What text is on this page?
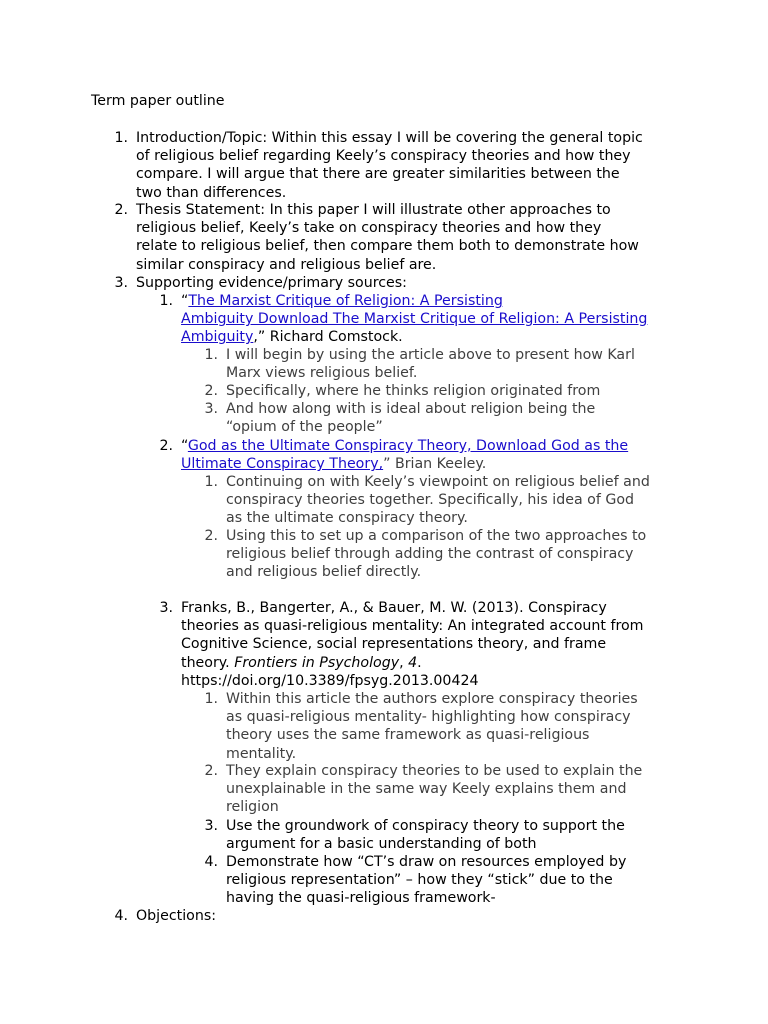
Term paper outline
1. Introduction/Topic: Within this essay I will be covering the general topic
of religious belief regarding Keely’s conspiracy theories and how they
compare. I will argue that there are greater similarities between the
two than differences.
2. Thesis Statement: In this paper I will illustrate other approaches to
religious belief, Keely’s take on conspiracy theories and how they
relate to religious belief, then compare them both to demonstrate how
similar conspiracy and religious belief are.
3. Supporting evidence/primary sources:
1. “The Marxist Critique of Religion: A Persisting
Ambiguity Download The Marxist Critique of Religion: A Persisting
Ambiguity,” Richard Comstock.
1. I will begin by using the article above to present how Karl
Marx views religious belief.
2. Specifically, where he thinks religion originated from
3. And how along with is ideal about religion being the
“opium of the people”
2. “God as the Ultimate Conspiracy Theory, Download God as the
Ultimate Conspiracy Theory,” Brian Keeley.
1. Continuing on with Keely’s viewpoint on religious belief and
conspiracy theories together. Specifically, his idea of God
as the ultimate conspiracy theory.
2. Using this to set up a comparison of the two approaches to
religious belief through adding the contrast of conspiracy
and religious belief directly.
3. Franks, B., Bangerter, A., & Bauer, M. W. (2013). Conspiracy
theories as quasi-religious mentality: An integrated account from
Cognitive Science, social representations theory, and frame
theory. Frontiers in Psychology, 4.
https://doi.org/10.3389/fpsyg.2013.00424
1. Within this article the authors explore conspiracy theories
as quasi-religious mentality- highlighting how conspiracy
theory uses the same framework as quasi-religious
mentality.
2. They explain conspiracy theories to be used to explain the
unexplainable in the same way Keely explains them and
religion
3. Use the groundwork of conspiracy theory to support the
argument for a basic understanding of both
4. Demonstrate how “CT’s draw on resources employed by
religious representation” – how they “stick” due to the
having the quasi-religious framework-
4. Objections:
